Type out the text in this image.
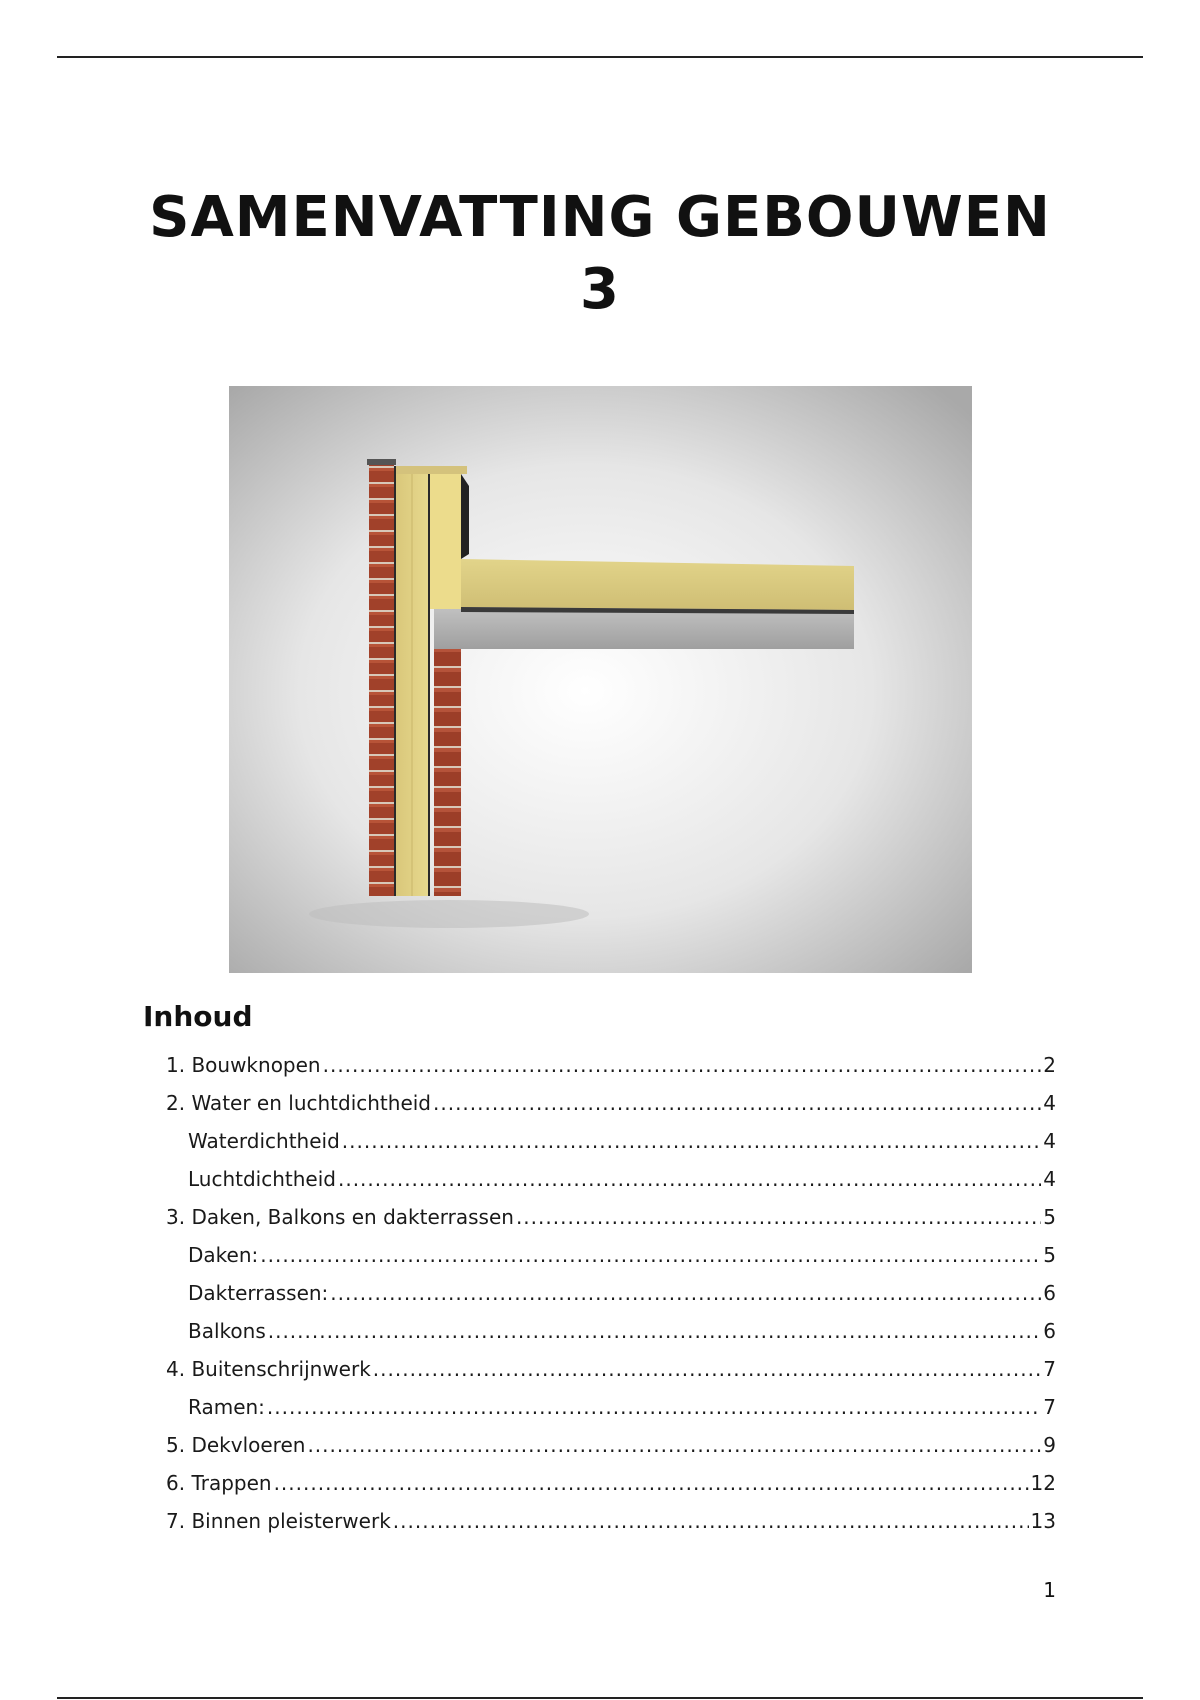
SAMENVATTING GEBOUWEN
3
Inhoud
1. Bouwknopen .....	2
2. Water en luchtdichtheid .....	4
Waterdichtheid .....	4
Luchtdichtheid .....	4
3. Daken, Balkons en dakterrassen .....	5
Daken: .....	5
Dakterrassen: .....	6
Balkons .....	6
4. Buitenschrijnwerk .....	7
Ramen: .....	7
5. Dekvloeren .....	9
6. Trappen .....	12
7. Binnen pleisterwerk .....	13
1
